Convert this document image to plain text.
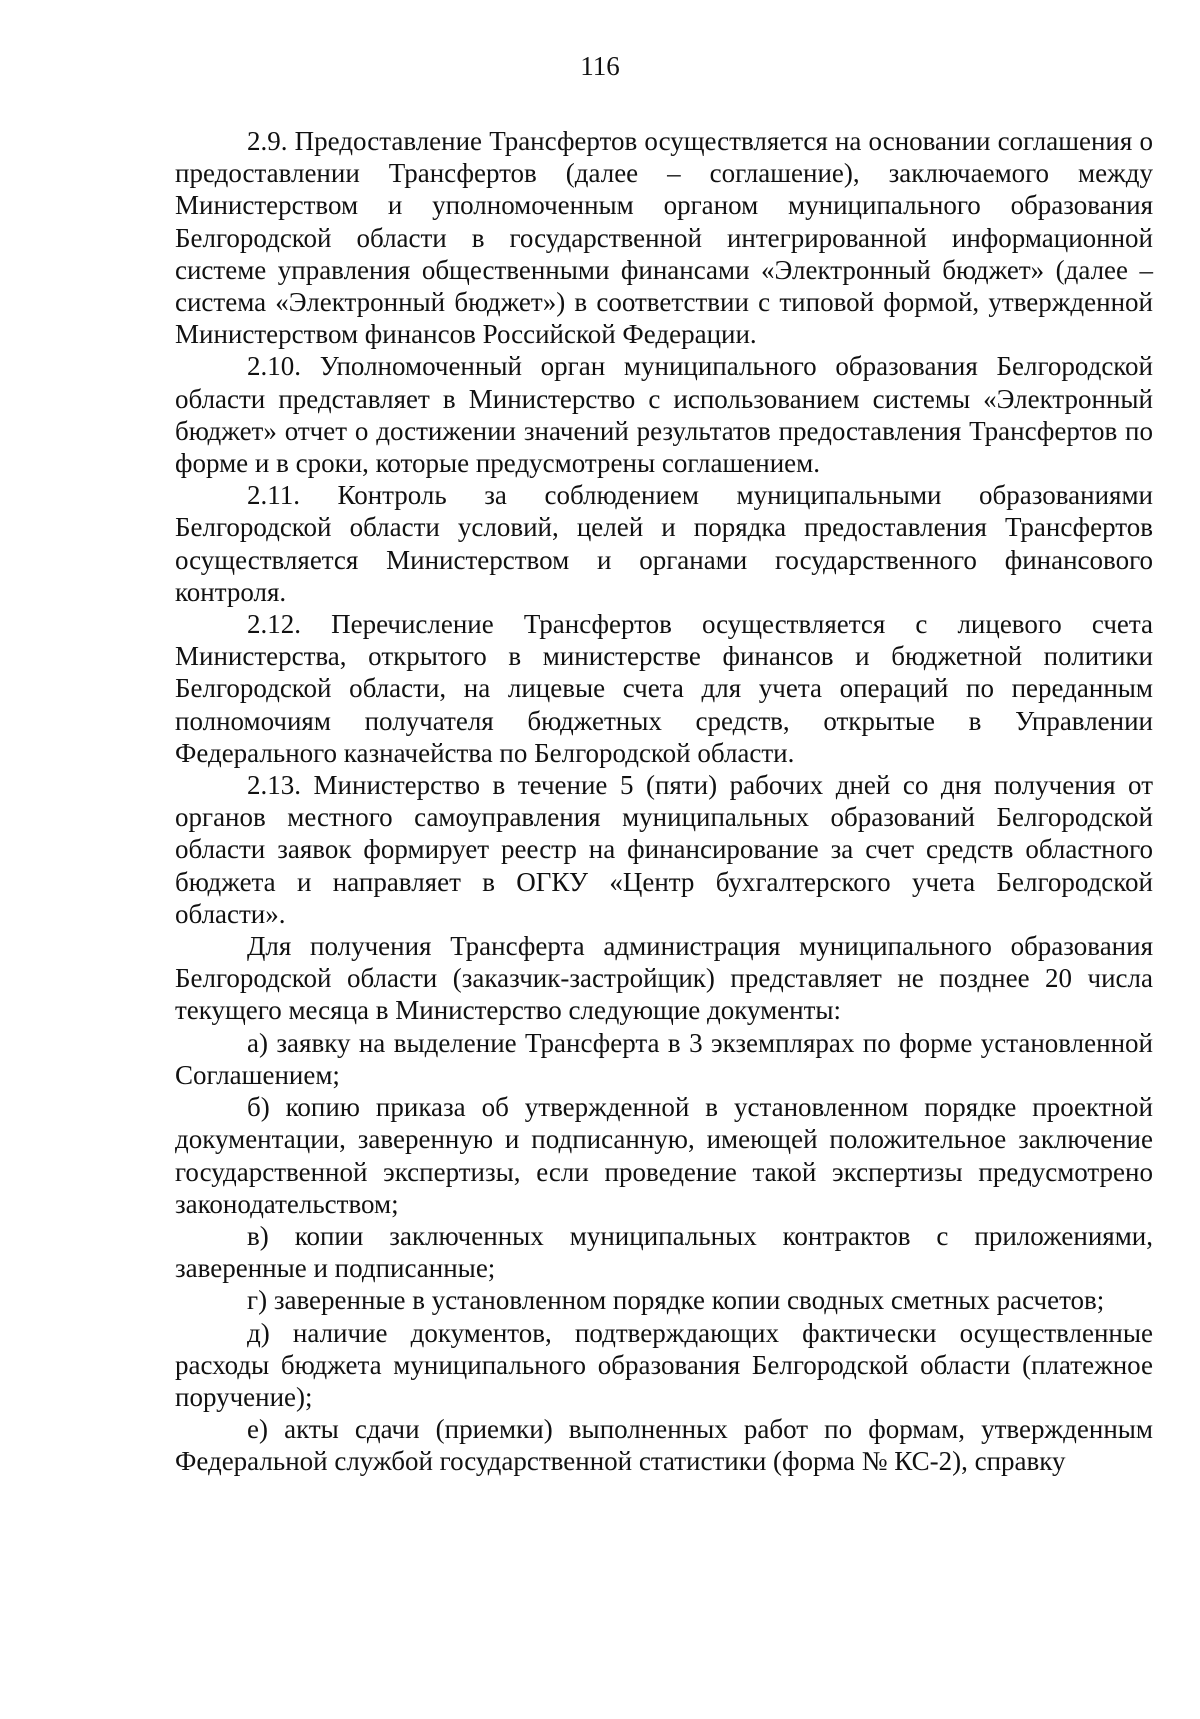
116

2.9. Предоставление Трансфертов осуществляется на основании соглашения о предоставлении Трансфертов (далее – соглашение), заключаемого между Министерством и уполномоченным органом муниципального образования Белгородской области в государственной интегрированной информационной системе управления общественными финансами «Электронный бюджет» (далее – система «Электронный бюджет») в соответствии с типовой формой, утвержденной Министерством финансов Российской Федерации.

2.10. Уполномоченный орган муниципального образования Белгородской области представляет в Министерство с использованием системы «Электронный бюджет» отчет о достижении значений результатов предоставления Трансфертов по форме и в сроки, которые предусмотрены соглашением.

2.11. Контроль за соблюдением муниципальными образованиями Белгородской области условий, целей и порядка предоставления Трансфертов осуществляется Министерством и органами государственного финансового контроля.

2.12. Перечисление Трансфертов осуществляется с лицевого счета Министерства, открытого в министерстве финансов и бюджетной политики Белгородской области, на лицевые счета для учета операций по переданным полномочиям получателя бюджетных средств, открытые в Управлении Федерального казначейства по Белгородской области.

2.13. Министерство в течение 5 (пяти) рабочих дней со дня получения от органов местного самоуправления муниципальных образований Белгородской области заявок формирует реестр на финансирование за счет средств областного бюджета и направляет в ОГКУ «Центр бухгалтерского учета Белгородской области».

Для получения Трансферта администрация муниципального образования Белгородской области (заказчик-застройщик) представляет не позднее 20 числа текущего месяца в Министерство следующие документы:

а) заявку на выделение Трансферта в 3 экземплярах по форме установленной Соглашением;

б) копию приказа об утвержденной в установленном порядке проектной документации, заверенную и подписанную, имеющей положительное заключение государственной экспертизы, если проведение такой экспертизы предусмотрено законодательством;

в) копии заключенных муниципальных контрактов с приложениями, заверенные и подписанные;

г) заверенные в установленном порядке копии сводных сметных расчетов;

д) наличие документов, подтверждающих фактически осуществленные расходы бюджета муниципального образования Белгородской области (платежное поручение);

е) акты сдачи (приемки) выполненных работ по формам, утвержденным Федеральной службой государственной статистики (форма № КС-2), справку
